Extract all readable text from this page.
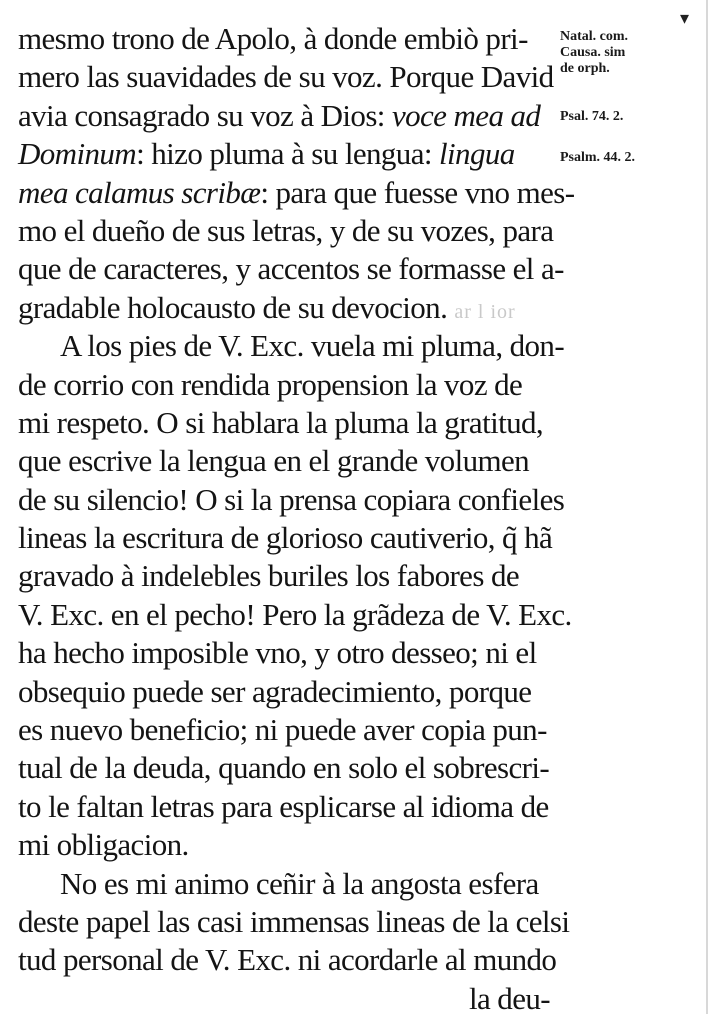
▾
mesmo trono de Apolo, à donde embiò pri-
mero las suavidades de su voz. Porque David
avia consagrado su voz à Dios: voce mea ad
Dominum: hizo pluma à su lengua: lingua
mea calamus scribæ: para que fuesse vno mes-
mo el dueño de sus letras, y de su vozes, para
que de caracteres, y accentos se formasse el a-
gradable holocausto de su devocion. ar l ior
A los pies de V. Exc. vuela mi pluma, don-
de corrio con rendida propension la voz de
mi respeto. O si hablara la pluma la gratitud,
que escrive la lengua en el grande volumen
de su silencio! O si la prensa copiara confieles
lineas la escritura de glorioso cautiverio, q̃ hã
gravado à indelebles buriles los fabores de
V. Exc. en el pecho! Pero la grãdeza de V. Exc.
ha hecho imposible vno, y otro desseo; ni el
obsequio puede ser agradecimiento, porque
es nuevo beneficio; ni puede aver copia pun-
tual de la deuda, quando en solo el sobrescri-
to le faltan letras para esplicarse al idioma de
mi obligacion.
No es mi animo ceñir à la angosta esfera
deste papel las casi immensas lineas de la celsi
tud personal de V. Exc. ni acordarle al mundo
la deu-
Natal. com.
Causa. sim
de orph.
Psal. 74. 2.
Psalm. 44. 2.
